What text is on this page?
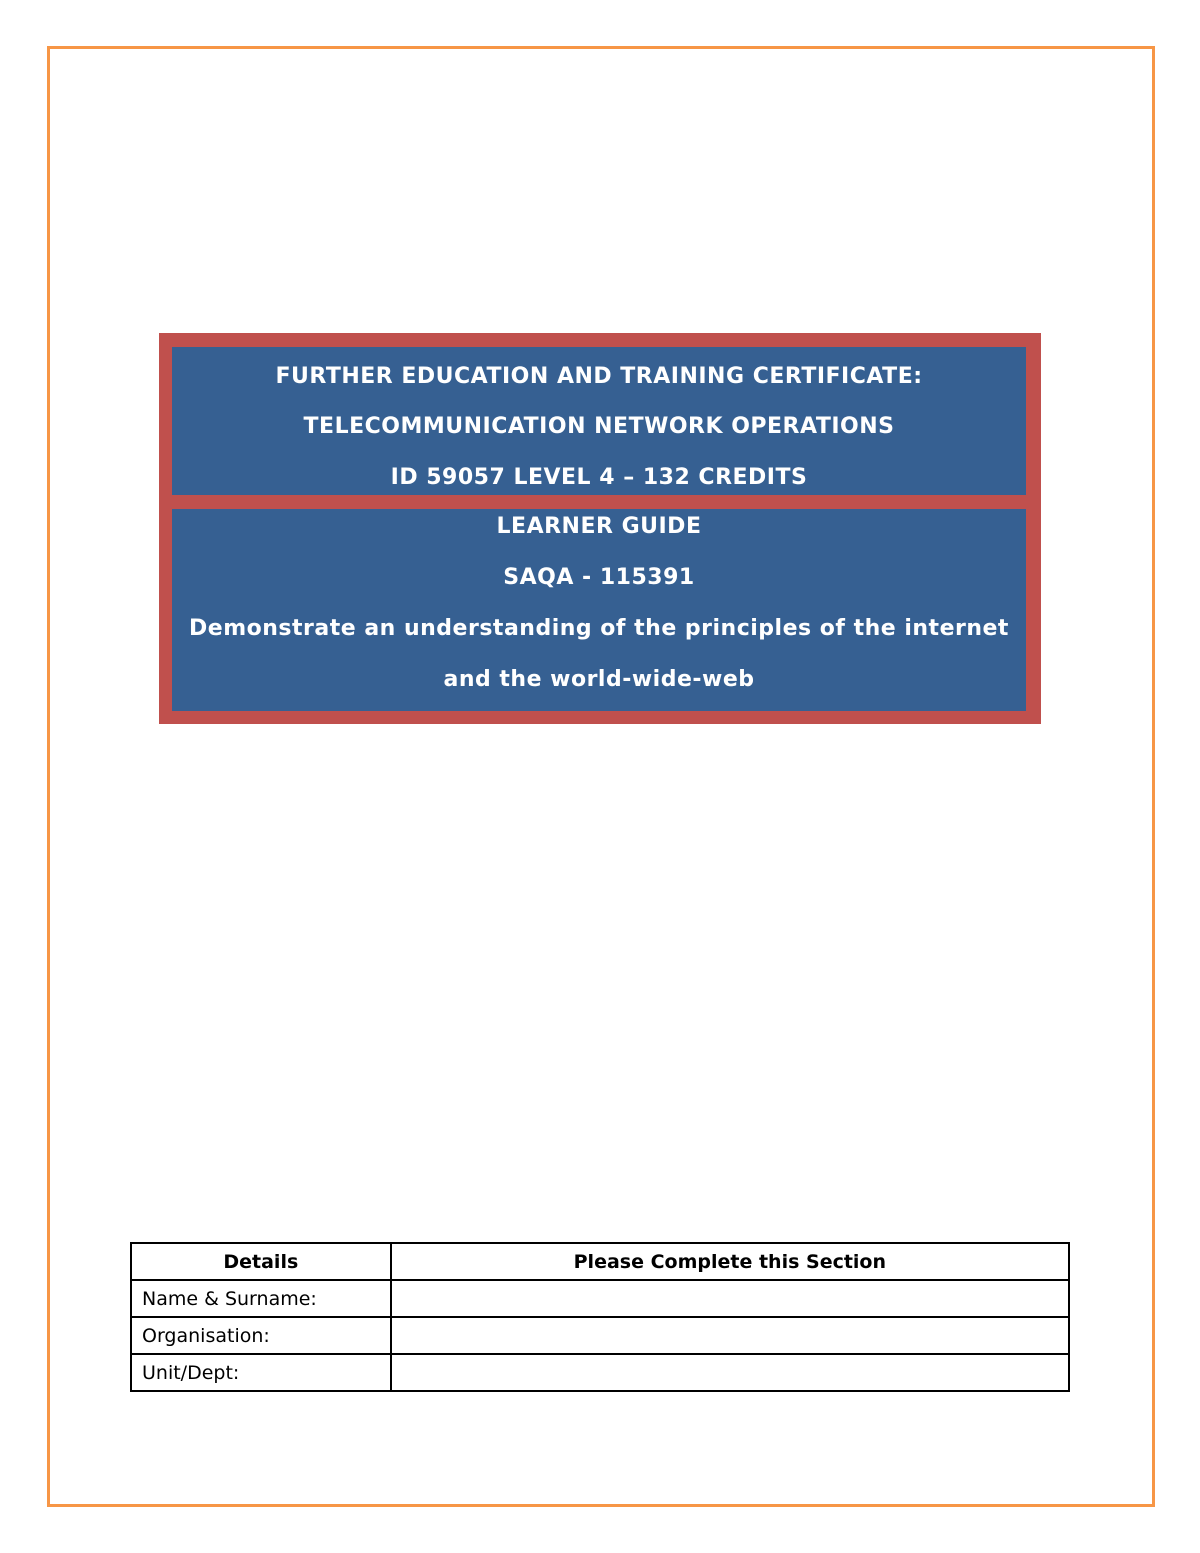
FURTHER EDUCATION AND TRAINING CERTIFICATE:
TELECOMMUNICATION NETWORK OPERATIONS
ID 59057 LEVEL 4 – 132 CREDITS
LEARNER GUIDE
SAQA - 115391
Demonstrate an understanding of the principles of the internet
and the world-wide-web
Details	Please Complete this Section
Name & Surname:	
Organisation:	
Unit/Dept:	
